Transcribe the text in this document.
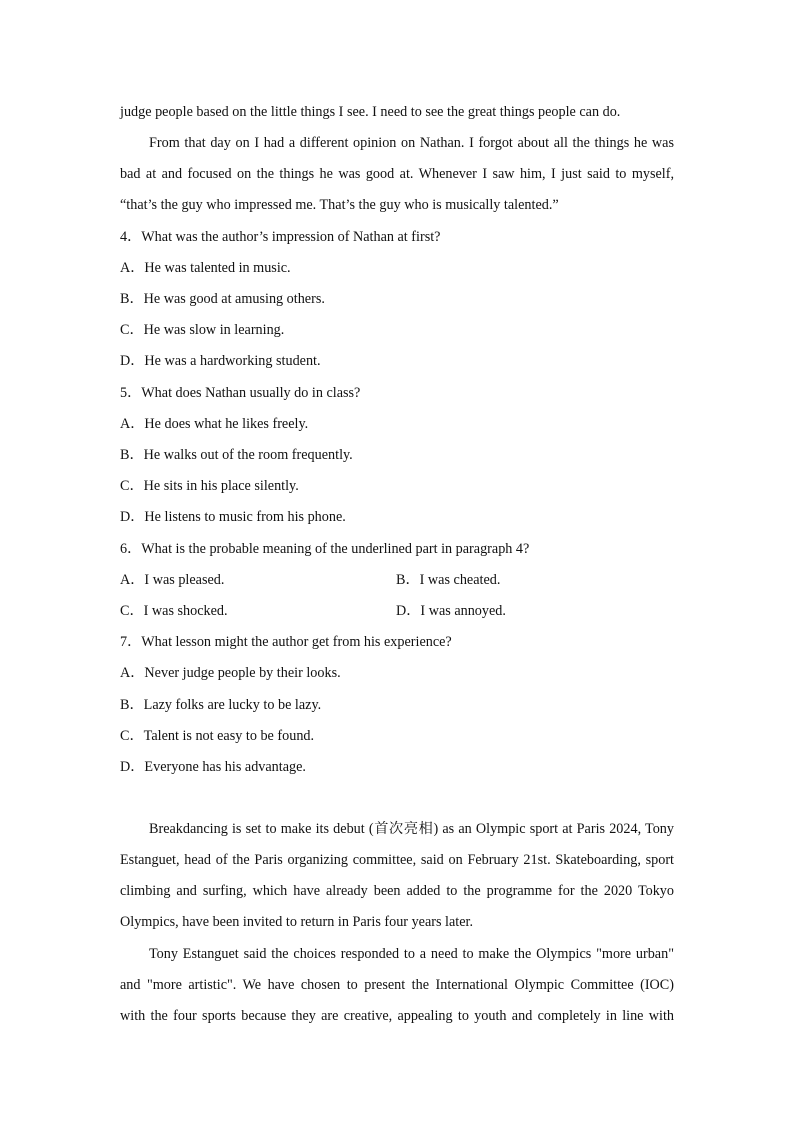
judge people based on the little things I see. I need to see the great things people can do.
From that day on I had a different opinion on Nathan. I forgot about all the things he was
bad at and focused on the things he was good at. Whenever I saw him, I just said to myself,
“that’s the guy who impressed me. That’s the guy who is musically talented.”
4．What was the author’s impression of Nathan at first?
A．He was talented in music.
B．He was good at amusing others.
C．He was slow in learning.
D．He was a hardworking student.
5．What does Nathan usually do in class?
A．He does what he likes freely.
B．He walks out of the room frequently.
C．He sits in his place silently.
D．He listens to music from his phone.
6．What is the probable meaning of the underlined part in paragraph 4?
A．I was pleased.	B．I was cheated.
C．I was shocked.	D．I was annoyed.
7．What lesson might the author get from his experience?
A．Never judge people by their looks.
B．Lazy folks are lucky to be lazy.
C．Talent is not easy to be found.
D．Everyone has his advantage.
Breakdancing is set to make its debut (首次亮相) as an Olympic sport at Paris 2024, Tony
Estanguet, head of the Paris organizing committee, said on February 21st. Skateboarding, sport
climbing and surfing, which have already been added to the programme for the 2020 Tokyo
Olympics, have been invited to return in Paris four years later.
Tony Estanguet said the choices responded to a need to make the Olympics "more urban"
and "more artistic". We have chosen to present the International Olympic Committee (IOC)
with the four sports because they are creative, appealing to youth and completely in line with
